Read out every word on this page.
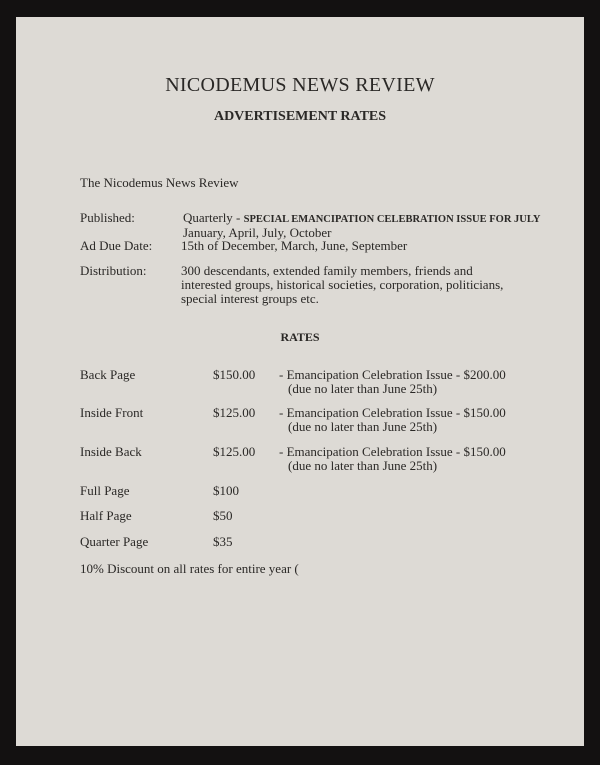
NICODEMUS NEWS REVIEW
ADVERTISEMENT RATES
The Nicodemus News Review
Published:	Quarterly - SPECIAL EMANCIPATION CELEBRATION ISSUE FOR JULY
January, April, July, October
Ad Due Date: 15th of December, March, June, September
Distribution:	300 descendants, extended family members, friends and
interested groups, historical societies, corporation, politicians,
special interest groups etc.
RATES
Back Page	$150.00 - Emancipation Celebration Issue - $200.00
(due no later than June 25th)
Inside Front	$125.00 - Emancipation Celebration Issue - $150.00
(due no later than June 25th)
Inside Back	$125.00 - Emancipation Celebration Issue - $150.00
(due no later than June 25th)
Full Page	$100
Half Page	$50
Quarter Page	$35
10% Discount on all rates for entire year (
